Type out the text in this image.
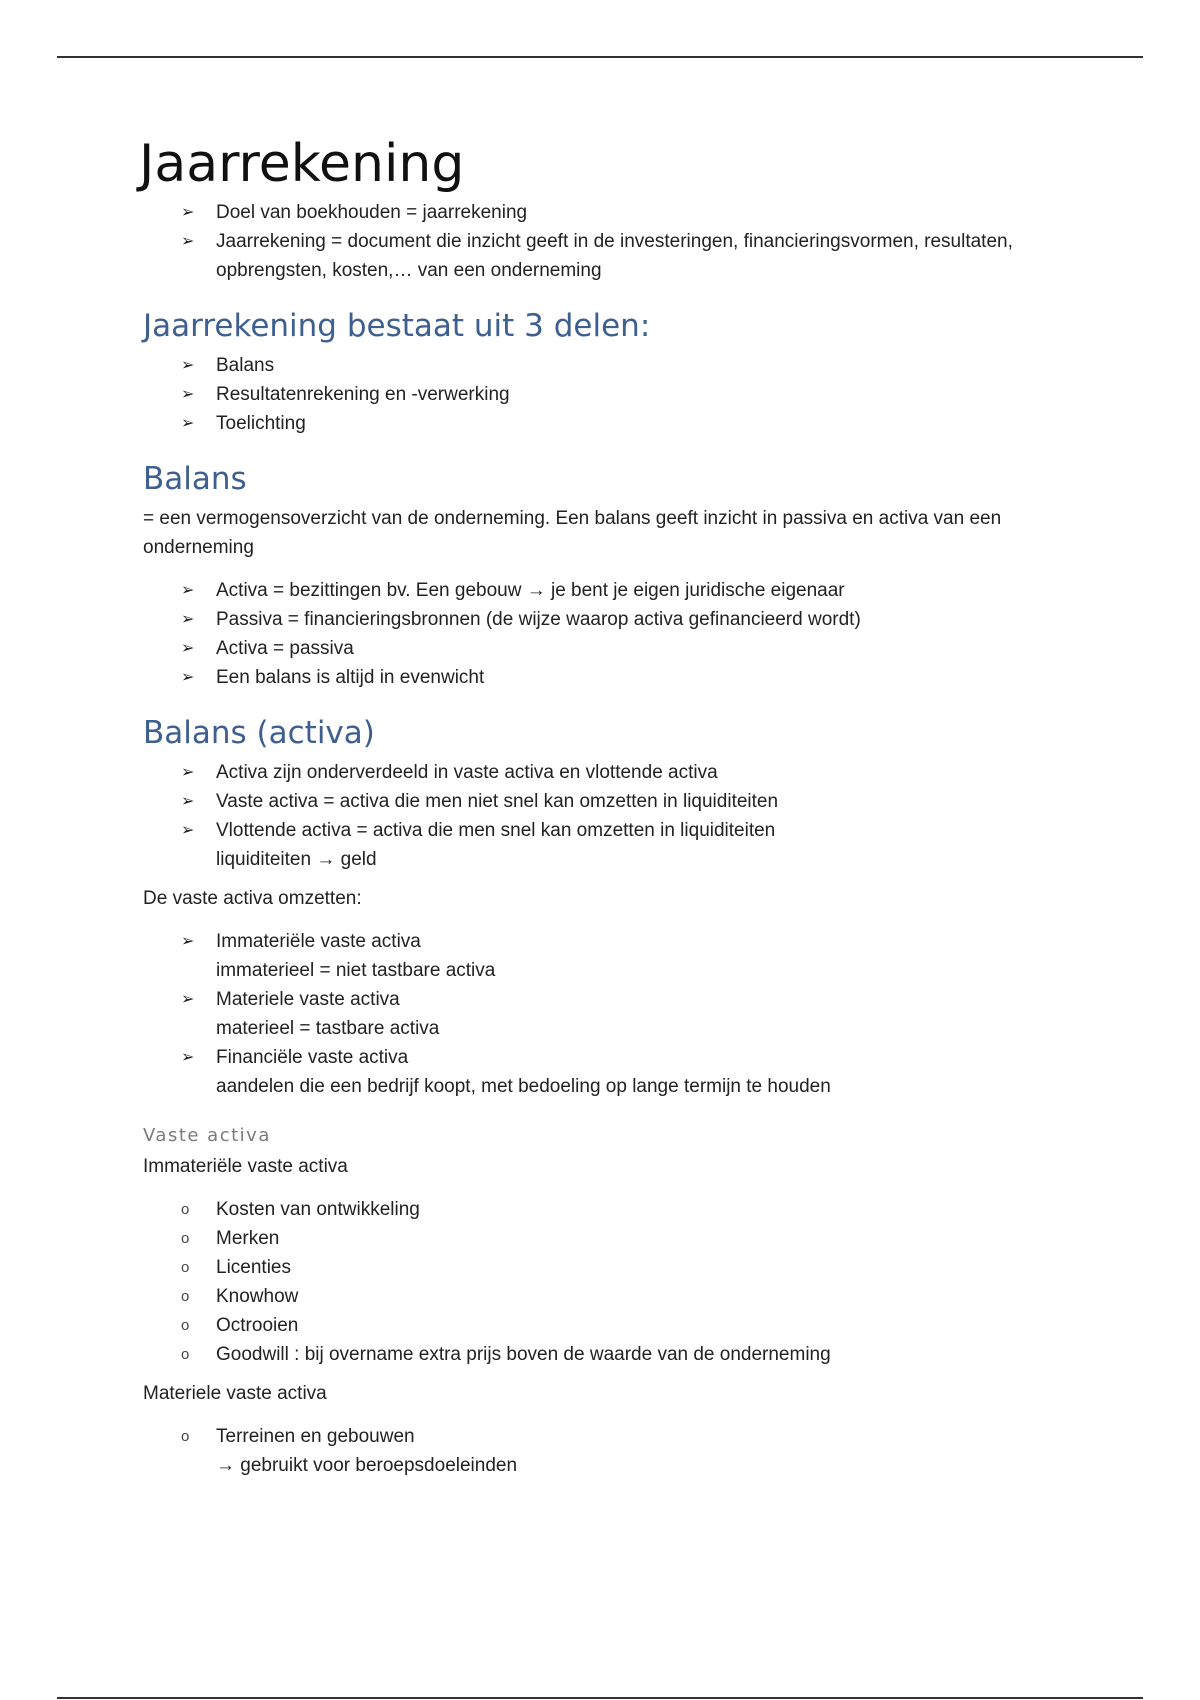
Jaarrekening
➢ Doel van boekhouden = jaarrekening
➢ Jaarrekening = document die inzicht geeft in de investeringen, financieringsvormen, resultaten, opbrengsten, kosten,… van een onderneming
Jaarrekening bestaat uit 3 delen:
➢ Balans
➢ Resultatenrekening en -verwerking
➢ Toelichting
Balans

= een vermogensoverzicht van de onderneming. Een balans geeft inzicht in passiva en activa van een onderneming

➢ Activa = bezittingen bv. Een gebouw → je bent je eigen juridische eigenaar
➢ Passiva = financieringsbronnen (de wijze waarop activa gefinancieerd wordt)
➢ Activa = passiva
➢ Een balans is altijd in evenwicht
Balans (activa)
➢ Activa zijn onderverdeeld in vaste activa en vlottende activa
➢ Vaste activa = activa die men niet snel kan omzetten in liquiditeiten
➢ Vlottende activa = activa die men snel kan omzetten in liquiditeiten
liquiditeiten → geld

De vaste activa omzetten:

➢ Immateriële vaste activa
immaterieel = niet tastbare activa
➢ Materiele vaste activa
materieel = tastbare activa
➢ Financiële vaste activa
aandelen die een bedrijf koopt, met bedoeling op lange termijn te houden
Vaste activa

Immateriële vaste activa

o Kosten van ontwikkeling
o Merken
o Licenties
o Knowhow
o Octrooien
o Goodwill : bij overname extra prijs boven de waarde van de onderneming

Materiele vaste activa

o Terreinen en gebouwen
→ gebruikt voor beroepsdoeleinden
